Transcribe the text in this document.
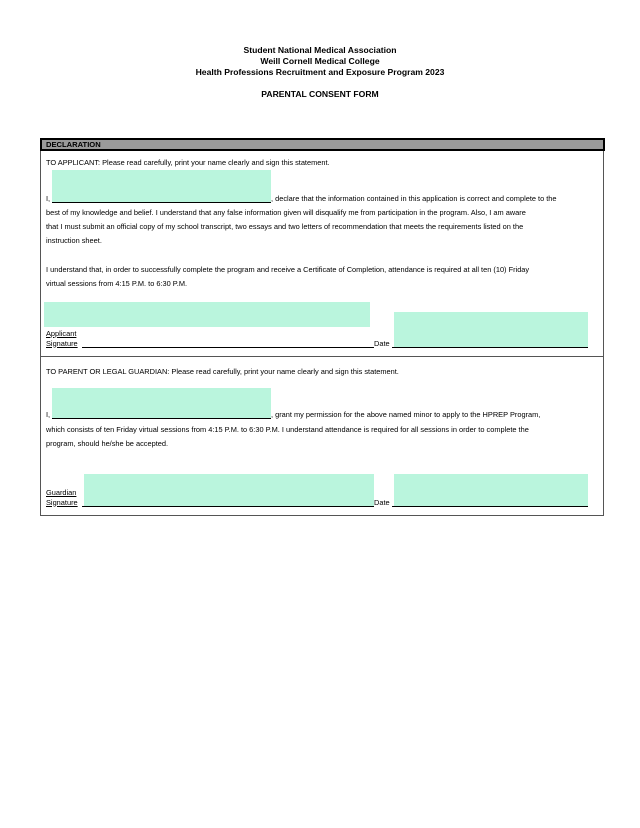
Student National Medical Association
Weill Cornell Medical College
Health Professions Recruitment and Exposure Program 2023
PARENTAL CONSENT FORM
DECLARATION
TO APPLICANT: Please read carefully, print your name clearly and sign this statement.
I,	, declare that the information contained in this application is correct and complete to the
best of my knowledge and belief. I understand that any false information given will disqualify me from participation in the program. Also, I am aware
that I must submit an official copy of my school transcript, two essays and two letters of recommendation that meets the requirements listed on the
instruction sheet.
I understand that, in order to successfully complete the program and receive a Certificate of Completion, attendance is required at all ten (10) Friday
virtual sessions from 4:15 P.M. to 6:30 P.M.
Applicant
Signature	Date
TO PARENT OR LEGAL GUARDIAN: Please read carefully, print your name clearly and sign this statement.
I,	, grant my permission for the above named minor to apply to the HPREP Program,
which consists of ten Friday virtual sessions from 4:15 P.M. to 6:30 P.M. I understand attendance is required for all sessions in order to complete the
program, should he/she be accepted.
Guardian
Signature	Date
